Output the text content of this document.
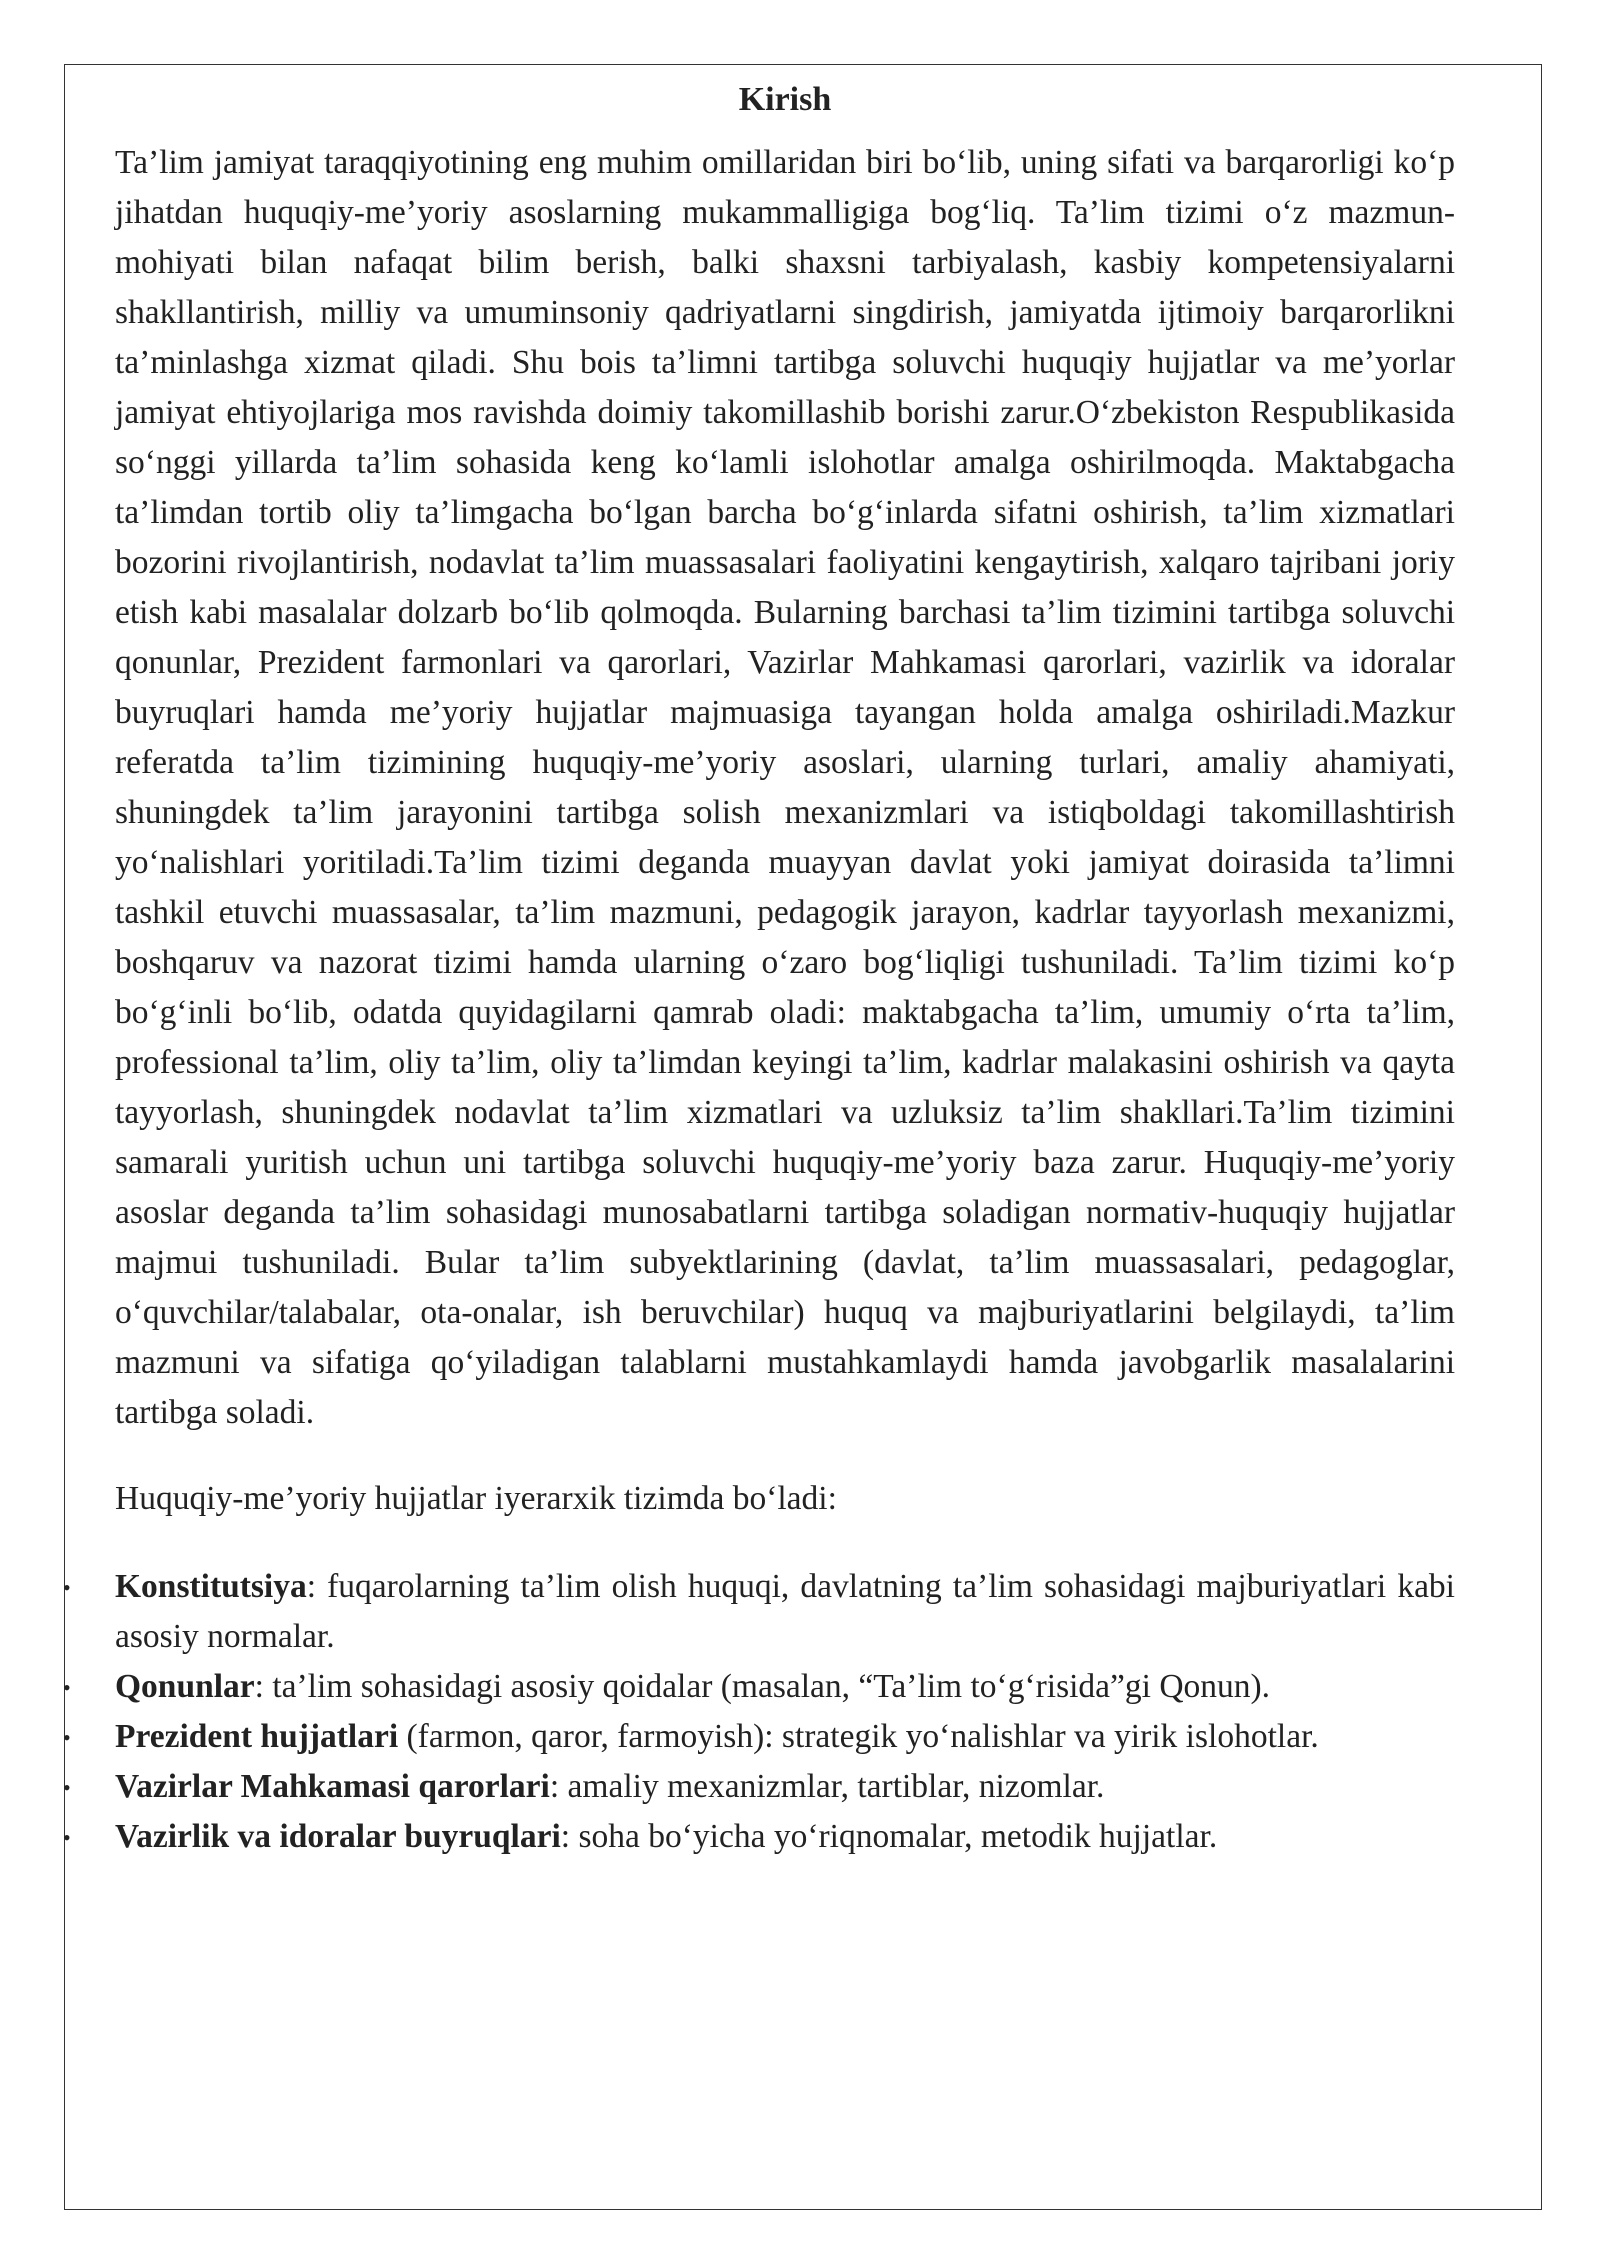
Kirish

Ta’lim jamiyat taraqqiyotining eng muhim omillaridan biri bo‘lib, uning sifati va barqarorligi ko‘p jihatdan huquqiy-me’yoriy asoslarning mukammalligiga bog‘liq. Ta’lim tizimi o‘z mazmun-mohiyati bilan nafaqat bilim berish, balki shaxsni tarbiyalash, kasbiy kompetensiyalarni shakllantirish, milliy va umuminsoniy qadriyatlarni singdirish, jamiyatda ijtimoiy barqarorlikni ta’minlashga xizmat qiladi. Shu bois ta’limni tartibga soluvchi huquqiy hujjatlar va me’yorlar jamiyat ehtiyojlariga mos ravishda doimiy takomillashib borishi zarur.O‘zbekiston Respublikasida so‘nggi yillarda ta’lim sohasida keng ko‘lamli islohotlar amalga oshirilmoqda. Maktabgacha ta’limdan tortib oliy ta’limgacha bo‘lgan barcha bo‘g‘inlarda sifatni oshirish, ta’lim xizmatlari bozorini rivojlantirish, nodavlat ta’lim muassasalari faoliyatini kengaytirish, xalqaro tajribani joriy etish kabi masalalar dolzarb bo‘lib qolmoqda. Bularning barchasi ta’lim tizimini tartibga soluvchi qonunlar, Prezident farmonlari va qarorlari, Vazirlar Mahkamasi qarorlari, vazirlik va idoralar buyruqlari hamda me’yoriy hujjatlar majmuasiga tayangan holda amalga oshiriladi.Mazkur referatda ta’lim tizimining huquqiy-me’yoriy asoslari, ularning turlari, amaliy ahamiyati, shuningdek ta’lim jarayonini tartibga solish mexanizmlari va istiqboldagi takomillashtirish yo‘nalishlari yoritiladi.Ta’lim tizimi deganda muayyan davlat yoki jamiyat doirasida ta’limni tashkil etuvchi muassasalar, ta’lim mazmuni, pedagogik jarayon, kadrlar tayyorlash mexanizmi, boshqaruv va nazorat tizimi hamda ularning o‘zaro bog‘liqligi tushuniladi. Ta’lim tizimi ko‘p bo‘g‘inli bo‘lib, odatda quyidagilarni qamrab oladi: maktabgacha ta’lim, umumiy o‘rta ta’lim, professional ta’lim, oliy ta’lim, oliy ta’limdan keyingi ta’lim, kadrlar malakasini oshirish va qayta tayyorlash, shuningdek nodavlat ta’lim xizmatlari va uzluksiz ta’lim shakllari.Ta’lim tizimini samarali yuritish uchun uni tartibga soluvchi huquqiy-me’yoriy baza zarur. Huquqiy-me’yoriy asoslar deganda ta’lim sohasidagi munosabatlarni tartibga soladigan normativ-huquqiy hujjatlar majmui tushuniladi. Bular ta’lim subyektlarining (davlat, ta’lim muassasalari, pedagoglar, o‘quvchilar/talabalar, ota-onalar, ish beruvchilar) huquq va majburiyatlarini belgilaydi, ta’lim mazmuni va sifatiga qo‘yiladigan talablarni mustahkamlaydi hamda javobgarlik masalalarini tartibga soladi.

Huquqiy-me’yoriy hujjatlar iyerarxik tizimda bo‘ladi:

• Konstitutsiya: fuqarolarning ta’lim olish huquqi, davlatning ta’lim sohasidagi majburiyatlari kabi asosiy normalar.
• Qonunlar: ta’lim sohasidagi asosiy qoidalar (masalan, “Ta’lim to‘g‘risida”gi Qonun).
• Prezident hujjatlari (farmon, qaror, farmoyish): strategik yo‘nalishlar va yirik islohotlar.
• Vazirlar Mahkamasi qarorlari: amaliy mexanizmlar, tartiblar, nizomlar.
• Vazirlik va idoralar buyruqlari: soha bo‘yicha yo‘riqnomalar, metodik hujjatlar.
